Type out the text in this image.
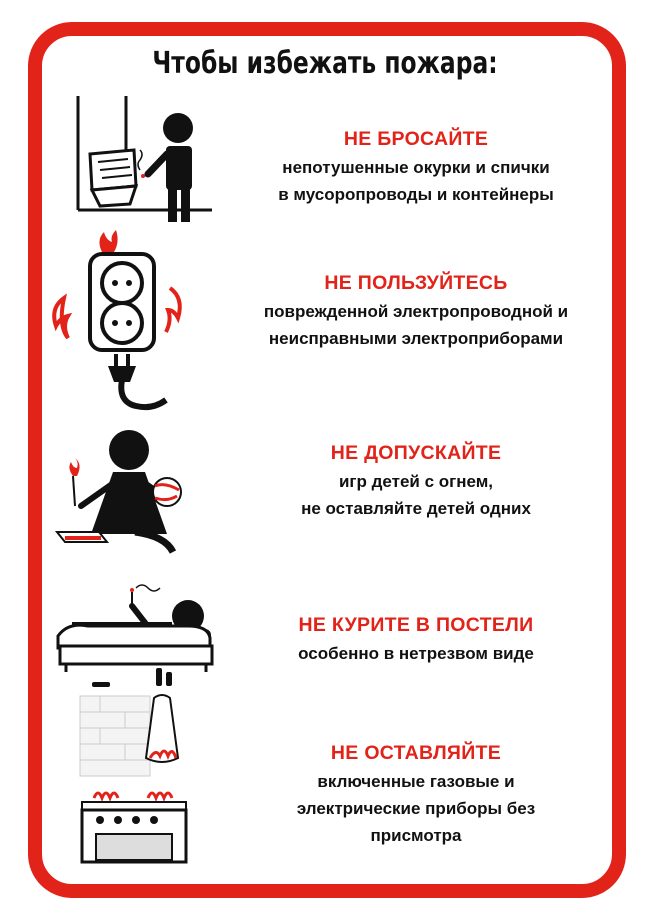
Чтобы избежать пожара:
НЕ БРОСАЙТЕ
непотушенные окурки и спички
в мусоропроводы и контейнеры
НЕ ПОЛЬЗУЙТЕСЬ
поврежденной электропроводной и
неисправными электроприборами
НЕ ДОПУСКАЙТЕ
игр детей с огнем,
не оставляйте детей одних
НЕ КУРИТЕ В ПОСТЕЛИ
особенно в нетрезвом виде
НЕ ОСТАВЛЯЙТЕ
включенные газовые и
электрические приборы без
присмотра
